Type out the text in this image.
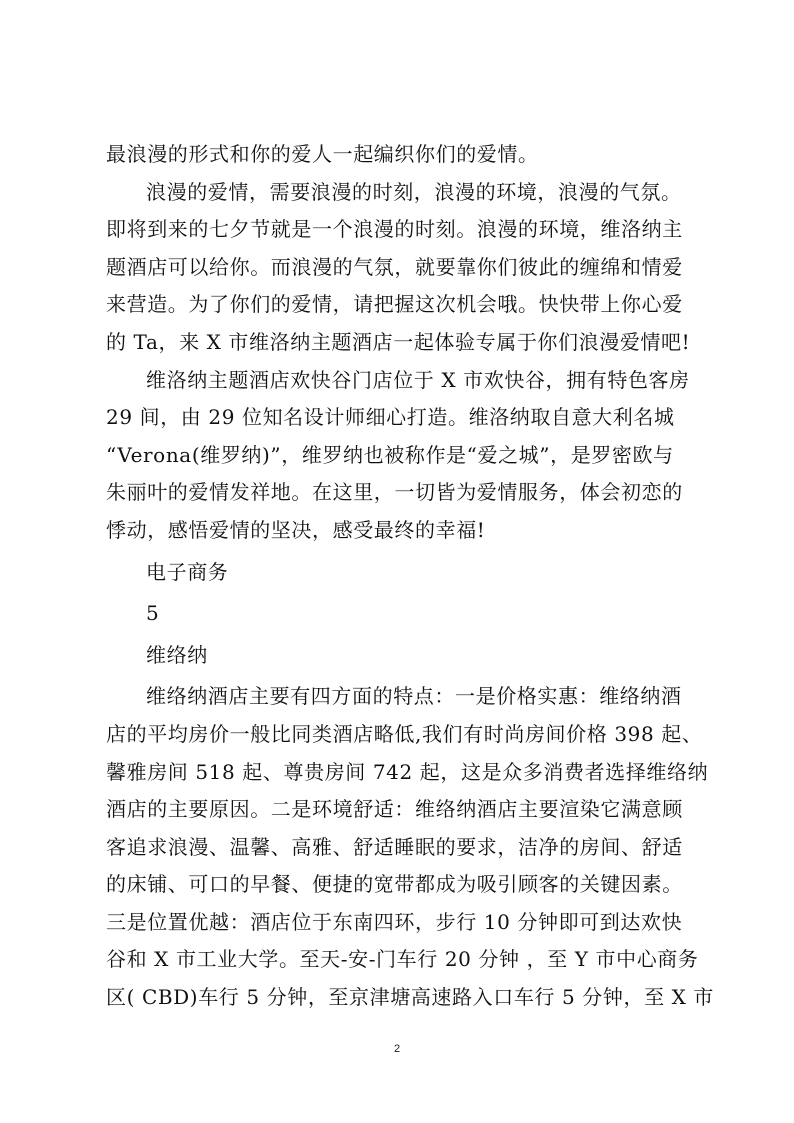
最浪漫的形式和你的爱人一起编织你们的爱情。

浪漫的爱情，需要浪漫的时刻，浪漫的环境，浪漫的气氛。
即将到来的七夕节就是一个浪漫的时刻。浪漫的环境，维洛纳主
题酒店可以给你。而浪漫的气氛，就要靠你们彼此的缠绵和情爱
来营造。为了你们的爱情，请把握这次机会哦。快快带上你心爱
的 Ta，来 X 市维洛纳主题酒店一起体验专属于你们浪漫爱情吧!

维洛纳主题酒店欢快谷门店位于 X 市欢快谷，拥有特色客房
29 间，由 29 位知名设计师细心打造。维洛纳取自意大利名城
“Verona(维罗纳)”，维罗纳也被称作是“爱之城”，是罗密欧与
朱丽叶的爱情发祥地。在这里，一切皆为爱情服务，体会初恋的
悸动，感悟爱情的坚决，感受最终的幸福!

电子商务

5

维络纳

维络纳酒店主要有四方面的特点：一是价格实惠：维络纳酒
店的平均房价一般比同类酒店略低,我们有时尚房间价格 398 起、
馨雅房间 518 起、尊贵房间 742 起，这是众多消费者选择维络纳
酒店的主要原因。二是环境舒适：维络纳酒店主要渲染它满意顾
客追求浪漫、温馨、高雅、舒适睡眠的要求，洁净的房间、舒适
的床铺、可口的早餐、便捷的宽带都成为吸引顾客的关键因素。
三是位置优越：酒店位于东南四环，步行 10 分钟即可到达欢快
谷和 X 市工业大学。至天-安-门车行 20 分钟 ，至 Y 市中心商务
区( CBD)车行 5 分钟，至京津塘高速路入口车行 5 分钟，至 X 市

2
